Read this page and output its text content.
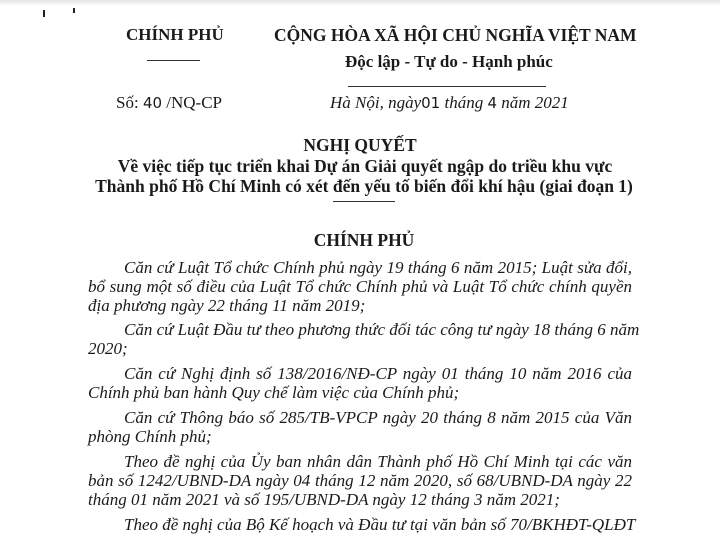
CHÍNH PHỦ	CỘNG HÒA XÃ HỘI CHỦ NGHĨA VIỆT NAM
Độc lập - Tự do - Hạnh phúc
Số: 40 /NQ-CP	Hà Nội, ngày01 tháng 4 năm 2021
NGHỊ QUYẾT
Về việc tiếp tục triển khai Dự án Giải quyết ngập do triều khu vực
Thành phố Hồ Chí Minh có xét đến yếu tố biến đổi khí hậu (giai đoạn 1)
CHÍNH PHỦ
Căn cứ Luật Tổ chức Chính phủ ngày 19 tháng 6 năm 2015; Luật sửa đổi,
bổ sung một số điều của Luật Tổ chức Chính phủ và Luật Tổ chức chính quyền
địa phương ngày 22 tháng 11 năm 2019;
Căn cứ Luật Đầu tư theo phương thức đối tác công tư ngày 18 tháng 6 năm
2020;
Căn cứ Nghị định số 138/2016/NĐ-CP ngày 01 tháng 10 năm 2016 của
Chính phủ ban hành Quy chế làm việc của Chính phủ;
Căn cứ Thông báo số 285/TB-VPCP ngày 20 tháng 8 năm 2015 của Văn
phòng Chính phủ;
Theo đề nghị của Ủy ban nhân dân Thành phố Hồ Chí Minh tại các văn
bản số 1242/UBND-DA ngày 04 tháng 12 năm 2020, số 68/UBND-DA ngày 22
tháng 01 năm 2021 và số 195/UBND-DA ngày 12 tháng 3 năm 2021;
Theo đề nghị của Bộ Kế hoạch và Đầu tư tại văn bản số 70/BKHĐT-QLĐT
